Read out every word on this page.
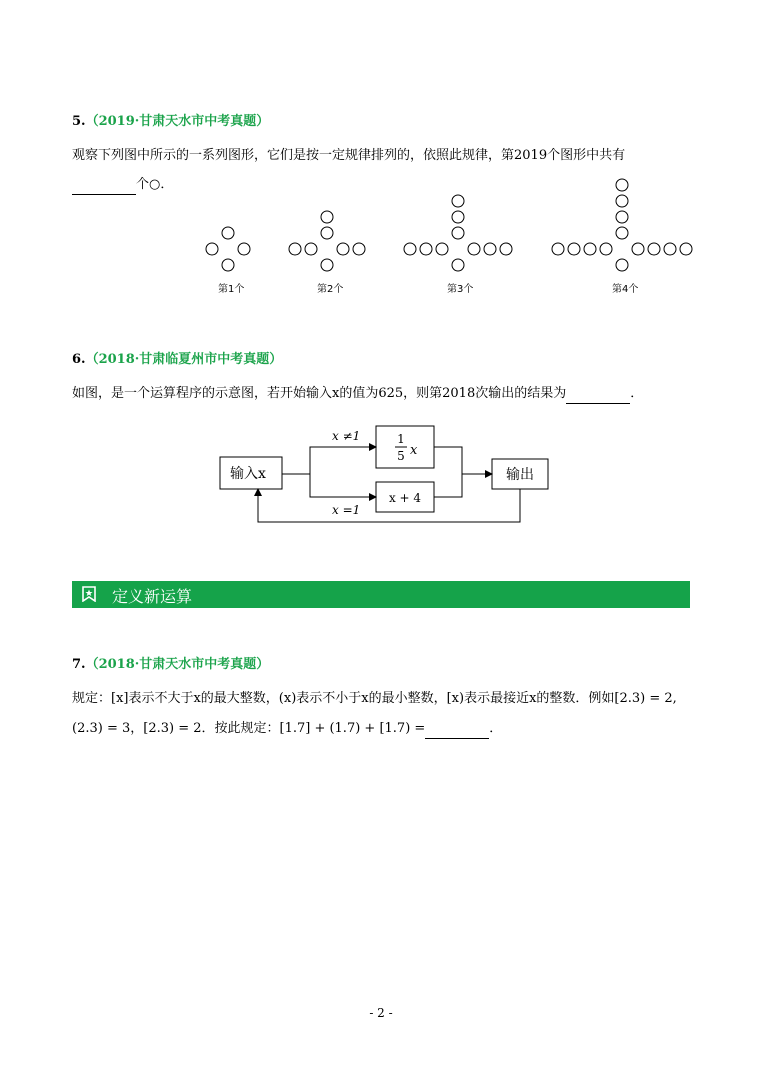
5.（2019·甘肃天水市中考真题）
观察下列图中所示的一系列图形，它们是按一定规律排列的，依照此规律，第2019个图形中共有
个○．
第1个	第2个	第3个	第4个
6.（2018·甘肃临夏州市中考真题）
如图，是一个运算程序的示意图，若开始输入x的值为625，则第2018次输出的结果为	．
输入x
1
5 x
x + 4
输出
x ≠1
x =1
定义新运算
7.（2018·甘肃天水市中考真题）
规定：[x]表示不大于x的最大整数，(x)表示不小于x的最小整数，[x)表示最接近x的整数．例如[2.3) = 2,
(2.3) = 3，[2.3) = 2．按此规定：[1.7] + (1.7) + [1.7) =	．
- 2 -
